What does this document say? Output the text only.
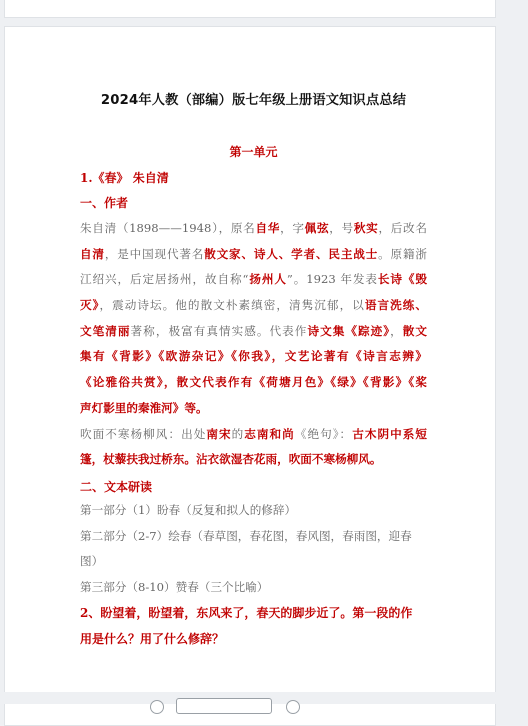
2024年人教（部编）版七年级上册语文知识点总结
第一单元
1.《春》 朱自清
一、作者
朱自清（1898——1948），原名自华，字佩弦，号秋实，后改名
自清，是中国现代著名散文家、诗人、学者、民主战士。原籍浙
江绍兴，后定居扬州，故自称“扬州人”。1923 年发表长诗《毁
灭》，震动诗坛。他的散文朴素缜密，清隽沉郁，以语言洗练、
文笔清丽著称，极富有真情实感。代表作诗文集《踪迹》，散文
集有《背影》《欧游杂记》《你我》，文艺论著有《诗言志辨》
《论雅俗共赏》，散文代表作有《荷塘月色》《绿》《背影》《桨
声灯影里的秦淮河》等。
吹面不寒杨柳风：出处南宋的志南和尚《绝句》：古木阴中系短
篷，杖藜扶我过桥东。沾衣欲湿杏花雨，吹面不寒杨柳风。
二、文本研读
第一部分（1）盼春（反复和拟人的修辞）
第二部分（2-7）绘春（春草图，春花图，春风图，春雨图，迎春
图）
第三部分（8-10）赞春（三个比喻）
2、盼望着，盼望着，东风来了，春天的脚步近了。第一段的作
用是什么？用了什么修辞？
